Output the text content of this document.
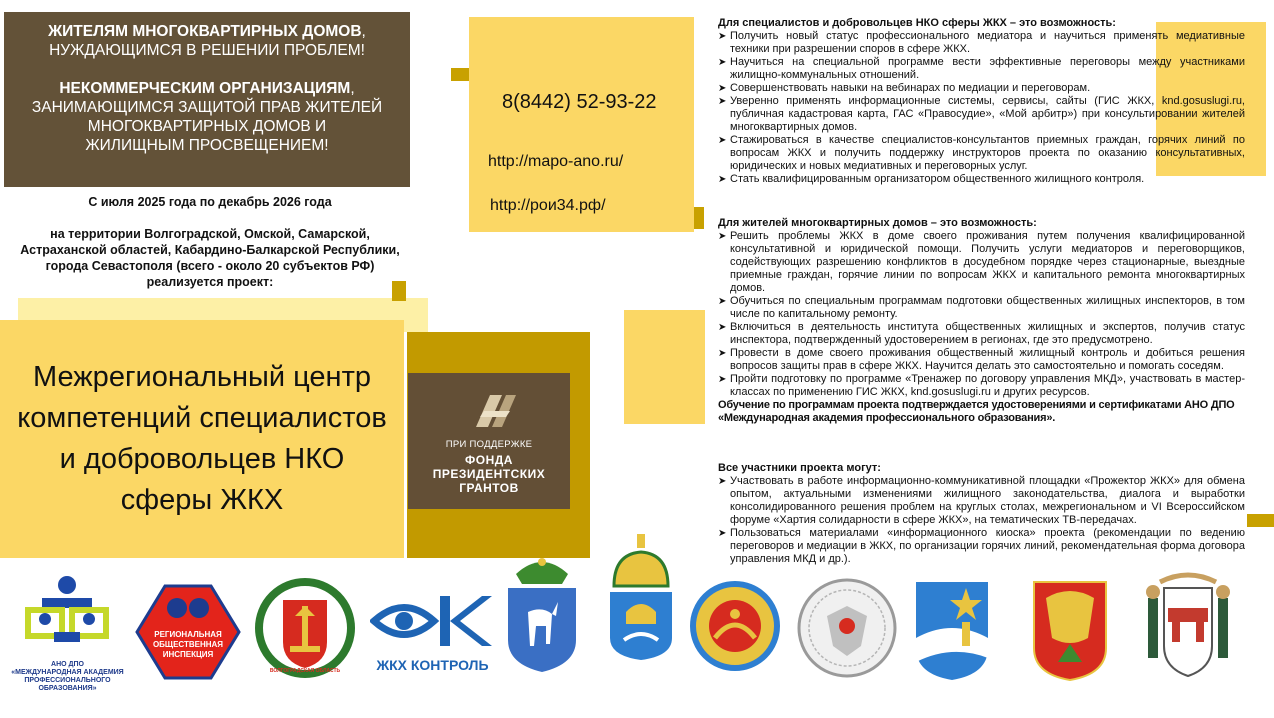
ЖИТЕЛЯМ МНОГОКВАРТИРНЫХ ДОМОВ,

НУЖДАЮЩИМСЯ В РЕШЕНИИ ПРОБЛЕМ!

НЕКОММЕРЧЕСКИМ ОРГАНИЗАЦИЯМ,

ЗАНИМАЮЩИМСЯ ЗАЩИТОЙ ПРАВ ЖИТЕЛЕЙ

МНОГОКВАРТИРНЫХ ДОМОВ И

ЖИЛИЩНЫМ ПРОСВЕЩЕНИЕМ!

С июля 2025 года по декабрь 2026 года

на территории Волгоградской, Омской, Самарской,

Астраханской областей, Кабардино-Балкарской Республики,

города Севастополя (всего - около 20 субъектов РФ)

реализуется проект:

Межрегиональный центр
компетенций специалистов
и добровольцев НКО
сферы ЖКХ
ПРИ ПОДДЕРЖКЕ
ФОНДА
ПРЕЗИДЕНТСКИХ
ГРАНТОВ
8(8442) 52-93-22
http://mapo-ano.ru/
http://рои34.рф/
Для специалистов и добровольцев НКО сферы ЖКХ – это возможность:
➤ Получить новый статус профессионального медиатора и научиться применять медиативные техники при разрешении споров в сфере ЖКХ.
➤ Научиться на специальной программе вести эффективные переговоры между участниками жилищно-коммунальных отношений.
➤ Совершенствовать навыки на вебинарах по медиации и переговорам.
➤ Уверенно применять информационные системы, сервисы, сайты (ГИС ЖКХ, knd.gosuslugi.ru, публичная кадастровая карта, ГАС «Правосудие», «Мой арбитр») при консультировании жителей многоквартирных домов.
➤ Стажироваться в качестве специалистов-консультантов приемных граждан, горячих линий по вопросам ЖКХ и получить поддержку инструкторов проекта по оказанию консультативных, юридических и новых медиативных и переговорных услуг.
➤ Стать квалифицированным организатором общественного жилищного контроля.
Для жителей многоквартирных домов – это возможность:
➤ Решить проблемы ЖКХ в доме своего проживания путем получения квалифицированной консультативной и юридической помощи. Получить услуги медиаторов и переговорщиков, содействующих разрешению конфликтов в досудебном порядке через стационарные, выездные приемные граждан, горячие линии по вопросам ЖКХ и капитального ремонта многоквартирных домов.
➤ Обучиться по специальным программам подготовки общественных жилищных инспекторов, в том числе по капитальному ремонту.
➤ Включиться в деятельность института общественных жилищных и экспертов, получив статус инспектора, подтвержденный удостоверением в регионах, где это предусмотрено.
➤ Провести в доме своего проживания общественный жилищный контроль и добиться решения вопросов защиты прав в сфере ЖКХ. Научится делать это самостоятельно и помогать соседям.
➤ Пройти подготовку по программе «Тренажер по договору управления МКД», участвовать в мастер-классах по применению ГИС ЖКХ, knd.gosuslugi.ru и других ресурсов.
Обучение по программам проекта подтверждается удостоверениями и сертификатами АНО ДПО «Международная академия профессионального образования».
Все участники проекта могут:
➤ Участвовать в работе информационно-коммуникативной площадки «Прожектор ЖКХ» для обмена опытом, актуальными изменениями жилищного законодательства, диалога и выработки консолидированного решения проблем на круглых столах, межрегиональном и VI Всероссийском форуме «Хартия солидарности в сфере ЖКХ», на тематических ТВ-передачах.
➤ Пользоваться материалами «информационного киоска» проекта (рекомендации по ведению переговоров и медиации в ЖКХ, по организации горячих линий, рекомендательная форма договора управления МКД и др.).
АНО ДПО
«МЕЖДУНАРОДНАЯ АКАДЕМИЯ
ПРОФЕССИОНАЛЬНОГО ОБРАЗОВАНИЯ»
РЕГИОНАЛЬНАЯ
ОБЩЕСТВЕННАЯ
ИНСПЕКЦИЯ
ВОЛГОГРАДСКАЯ ОБЛАСТЬ	ЖКХ КОНТРОЛЬ
